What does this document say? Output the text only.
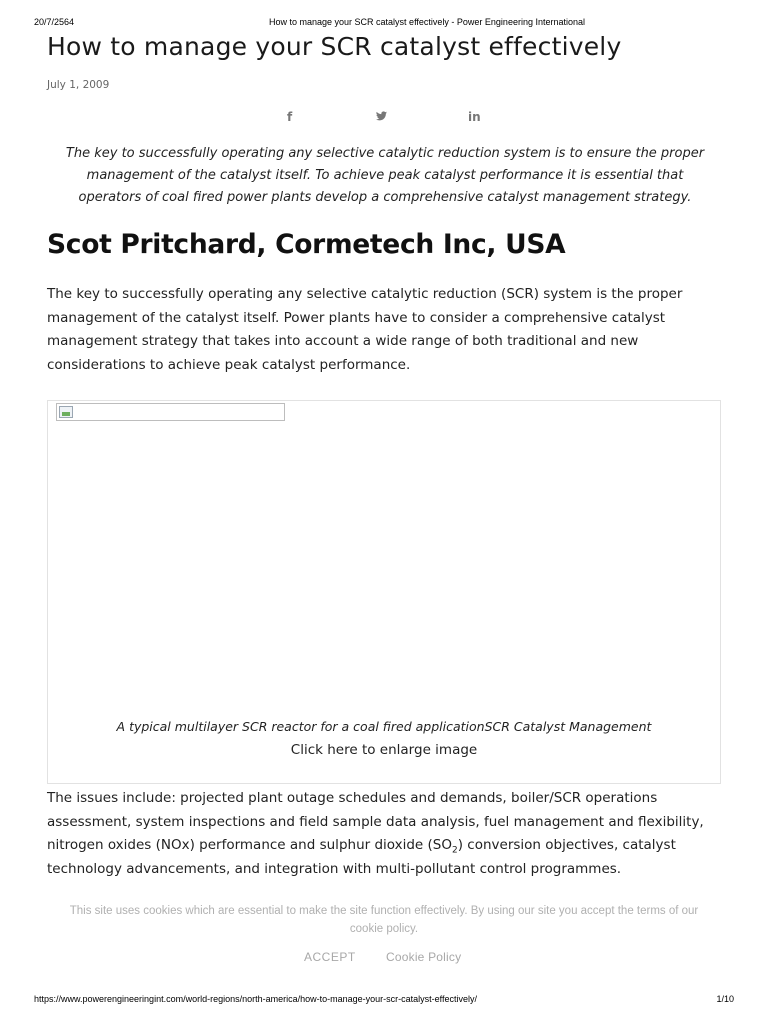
20/7/2564	How to manage your SCR catalyst effectively - Power Engineering International
How to manage your SCR catalyst effectively
July 1, 2009
f	in

The key to successfully operating any selective catalytic reduction system is to ensure the proper management of the catalyst itself. To achieve peak catalyst performance it is essential that operators of coal fired power plants develop a comprehensive catalyst management strategy.

Scot Pritchard, Cormetech Inc, USA

The key to successfully operating any selective catalytic reduction (SCR) system is the proper management of the catalyst itself. Power plants have to consider a comprehensive catalyst management strategy that takes into account a wide range of both traditional and new considerations to achieve peak catalyst performance.

A typical multilayer SCR reactor for a coal fired applicationSCR Catalyst Management
Click here to enlarge image

The issues include: projected plant outage schedules and demands, boiler/SCR operations assessment, system inspections and field sample data analysis, fuel management and flexibility, nitrogen oxides (NOx) performance and sulphur dioxide $(SO_2)$ conversion objectives, catalyst technology advancements, and integration with multi-pollutant control programmes.

This site uses cookies which are essential to make the site function effectively. By using our site you accept the terms of our cookie policy.
ACCEPT	Cookie Policy
https://www.powerengineeringint.com/world-regions/north-america/how-to-manage-your-scr-catalyst-effectively/	1/10
